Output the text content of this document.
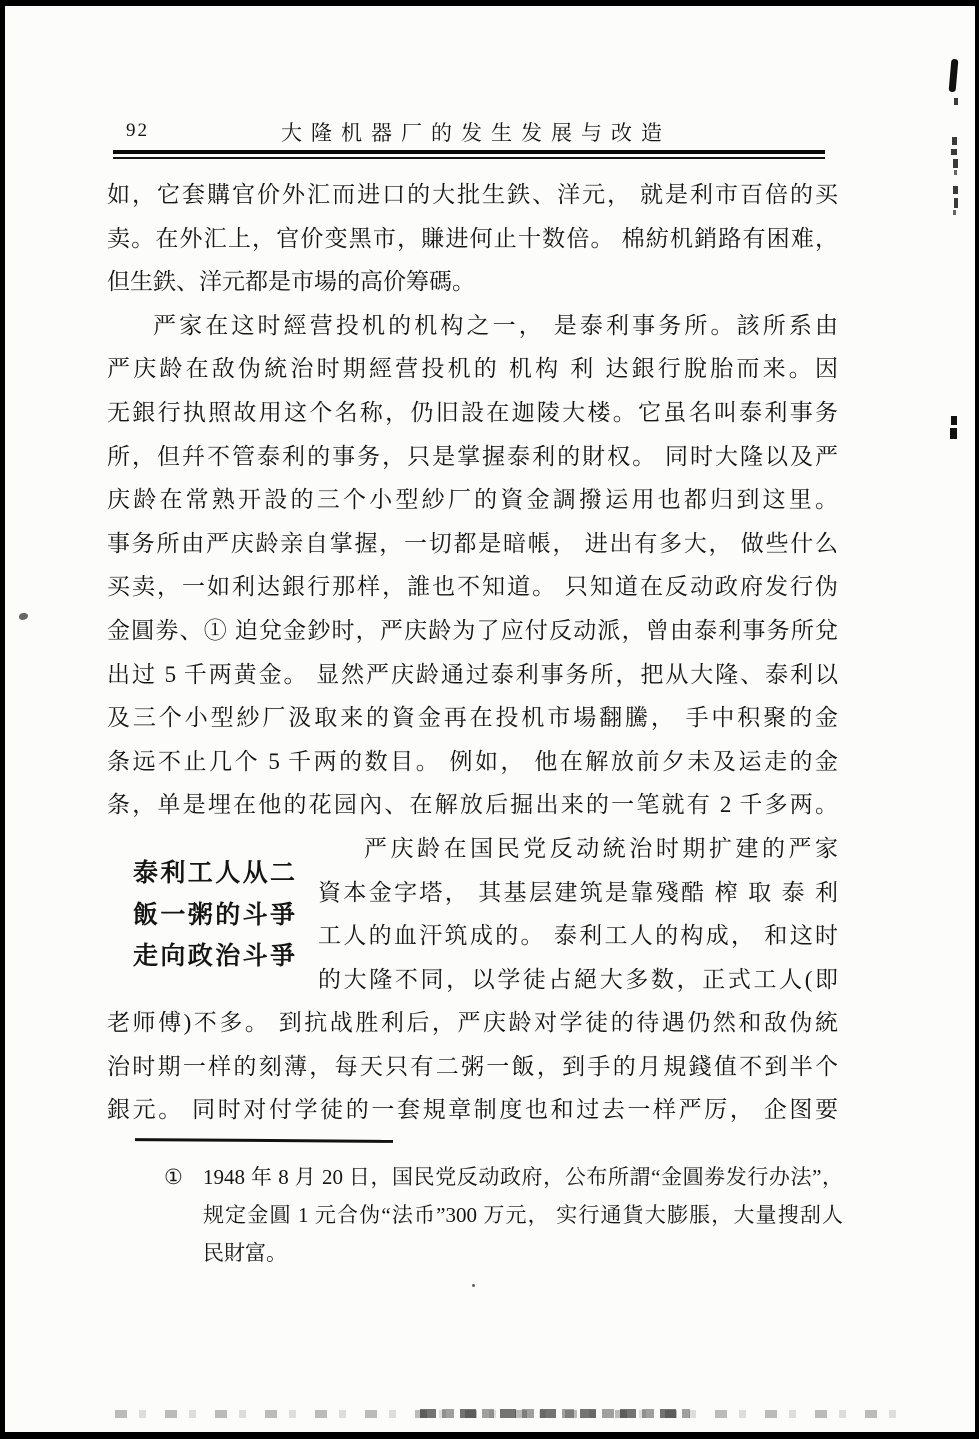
92	大隆机器厂的发生发展与改造
如，它套購官价外汇而进口的大批生鉄、洋元， 就是利市百倍的买
卖。在外汇上，官价变黑市，賺进何止十数倍。 棉紡机銷路有困难，
但生鉄、洋元都是市場的高价筹碼。
严家在这时經营投机的机构之一， 是泰利事务所。該所系由
严庆龄在敌伪統治时期經营投机的 机构 利 达銀行脫胎而来。因
无銀行执照故用这个名称，仍旧設在迦陵大楼。它虽名叫泰利事务
所，但幷不管泰利的事务，只是掌握泰利的財权。 同时大隆以及严
庆龄在常熟开設的三个小型紗厂的資金調撥运用也都归到这里。
事务所由严庆龄亲自掌握，一切都是暗帳， 进出有多大， 做些什么
买卖，一如利达銀行那样，誰也不知道。 只知道在反动政府发行伪
金圓劵、① 迫兌金鈔时，严庆龄为了应付反动派，曾由泰利事务所兌
出过 5 千两黄金。 显然严庆龄通过泰利事务所，把从大隆、泰利以
及三个小型紗厂汲取来的資金再在投机市場翻騰， 手中积聚的金
条远不止几个 5 千两的数目。 例如， 他在解放前夕未及运走的金
条，单是埋在他的花园內、在解放后掘出来的一笔就有 2 千多两。
严庆龄在国民党反动統治时期扩建的严家
資本金字塔， 其基层建筑是靠殘酷 榨 取 泰 利
工人的血汗筑成的。 泰利工人的构成， 和这时
的大隆不同，以学徒占絕大多数，正式工人(即
老师傅)不多。 到抗战胜利后，严庆龄对学徒的待遇仍然和敌伪統
治时期一样的刻薄，每天只有二粥一飯，到手的月規錢值不到半个
銀元。 同时对付学徒的一套規章制度也和过去一样严厉， 企图要
泰利工人从二
飯一粥的斗爭
走向政治斗爭
① 1948 年 8 月 20 日，国民党反动政府，公布所謂“金圓劵发行办法”，
规定金圓 1 元合伪“法币”300 万元， 实行通貨大膨脹，大量搜刮人
民財富。
